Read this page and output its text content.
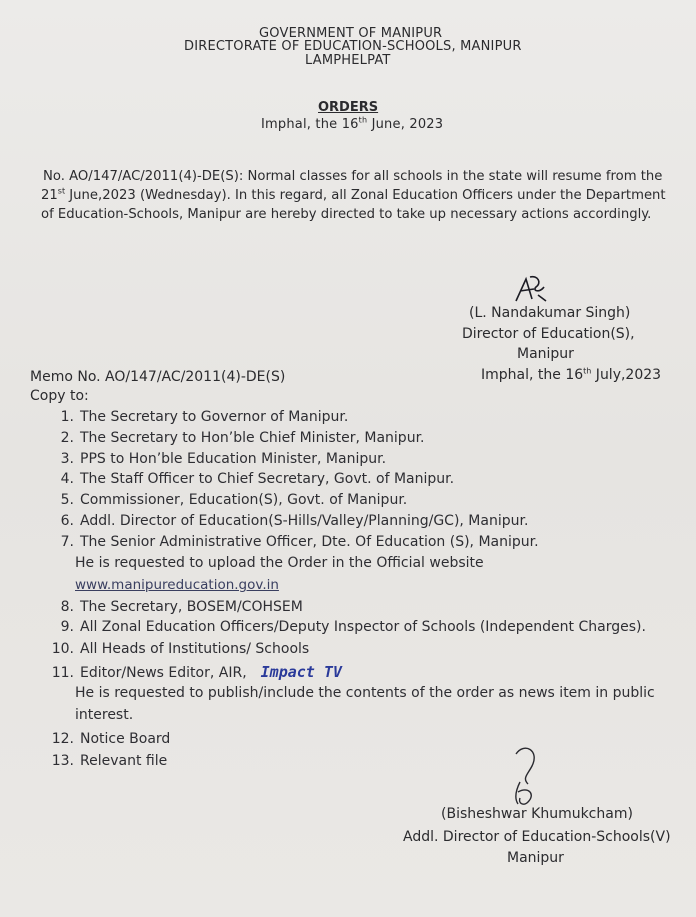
GOVERNMENT OF MANIPUR
DIRECTORATE OF EDUCATION-SCHOOLS, MANIPUR
LAMPHELPAT
ORDERS
Imphal, the 16th June, 2023
No. AO/147/AC/2011(4)-DE(S): Normal classes for all schools in the state will resume from the
21st June,2023 (Wednesday). In this regard, all Zonal Education Officers under the Department
of Education-Schools, Manipur are hereby directed to take up necessary actions accordingly.
(L. Nandakumar Singh)
Director of Education(S),
Manipur
Memo No. AO/147/AC/2011(4)-DE(S)	Imphal, the 16th July,2023
Copy to:
1. The Secretary to Governor of Manipur.
2. The Secretary to Hon’ble Chief Minister, Manipur.
3. PPS to Hon’ble Education Minister, Manipur.
4. The Staff Officer to Chief Secretary, Govt. of Manipur.
5. Commissioner, Education(S), Govt. of Manipur.
6. Addl. Director of Education(S-Hills/Valley/Planning/GC), Manipur.
7. The Senior Administrative Officer, Dte. Of Education (S), Manipur.
He is requested to upload the Order in the Official website
www.manipureducation.gov.in
8. The Secretary, BOSEM/COHSEM
9. All Zonal Education Officers/Deputy Inspector of Schools (Independent Charges).
10. All Heads of Institutions/ Schools
11. Editor/News Editor, AIR, Impact TV
He is requested to publish/include the contents of the order as news item in public
interest.
12. Notice Board
13. Relevant file
(Bisheshwar Khumukcham)
Addl. Director of Education-Schools(V)
Manipur
